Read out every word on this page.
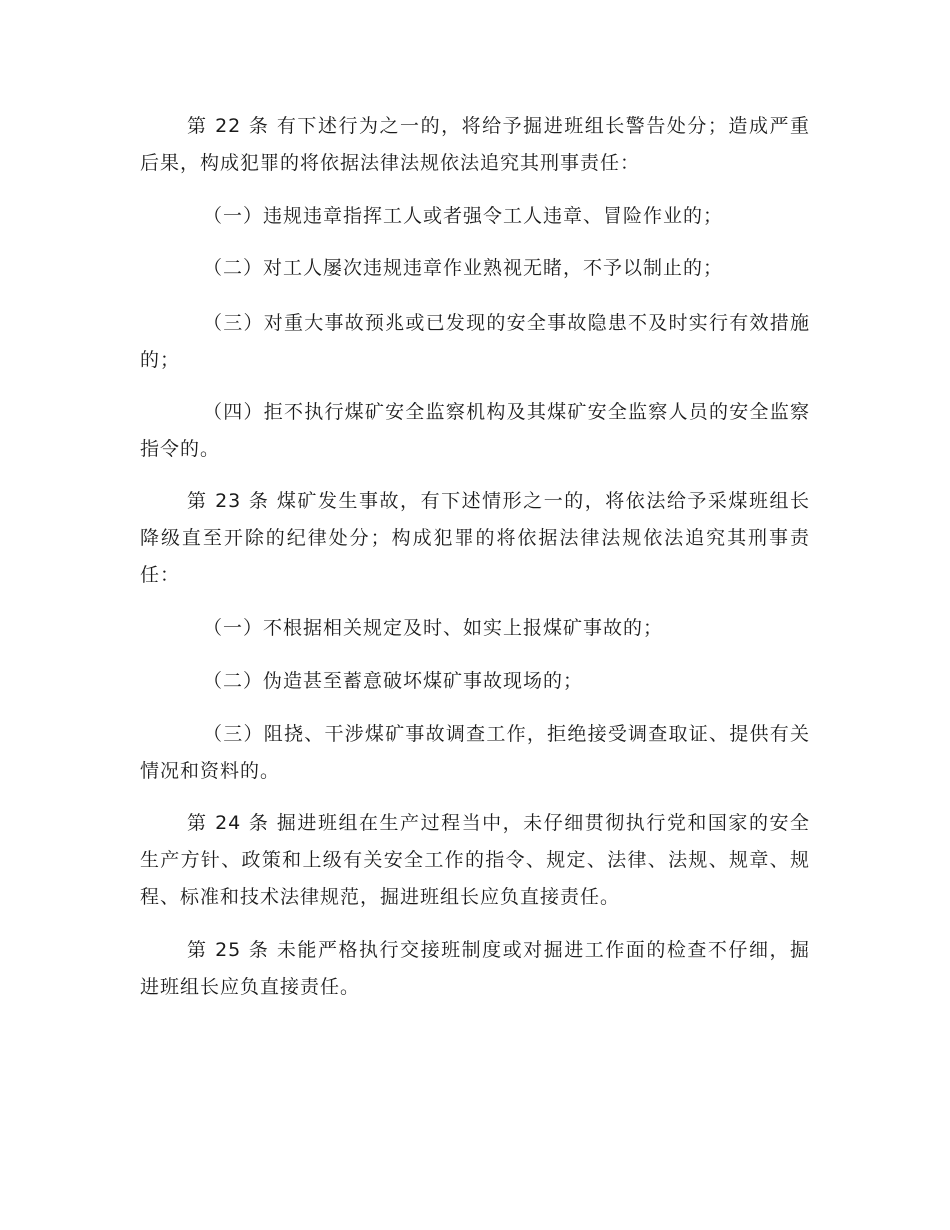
第 22 条 有下述行为之一的，将给予掘进班组长警告处分；造成严重后果，构成犯罪的将依据法律法规依法追究其刑事责任：

（一）违规违章指挥工人或者强令工人违章、冒险作业的；

（二）对工人屡次违规违章作业熟视无睹，不予以制止的；

（三）对重大事故预兆或已发现的安全事故隐患不及时实行有效措施的；

（四）拒不执行煤矿安全监察机构及其煤矿安全监察人员的安全监察指令的。

第 23 条 煤矿发生事故，有下述情形之一的，将依法给予采煤班组长降级直至开除的纪律处分；构成犯罪的将依据法律法规依法追究其刑事责任：

（一）不根据相关规定及时、如实上报煤矿事故的；

（二）伪造甚至蓄意破坏煤矿事故现场的；

（三）阻挠、干涉煤矿事故调查工作，拒绝接受调查取证、提供有关情况和资料的。

第 24 条 掘进班组在生产过程当中，未仔细贯彻执行党和国家的安全生产方针、政策和上级有关安全工作的指令、规定、法律、法规、规章、规程、标准和技术法律规范，掘进班组长应负直接责任。

第 25 条 未能严格执行交接班制度或对掘进工作面的检查不仔细，掘进班组长应负直接责任。
